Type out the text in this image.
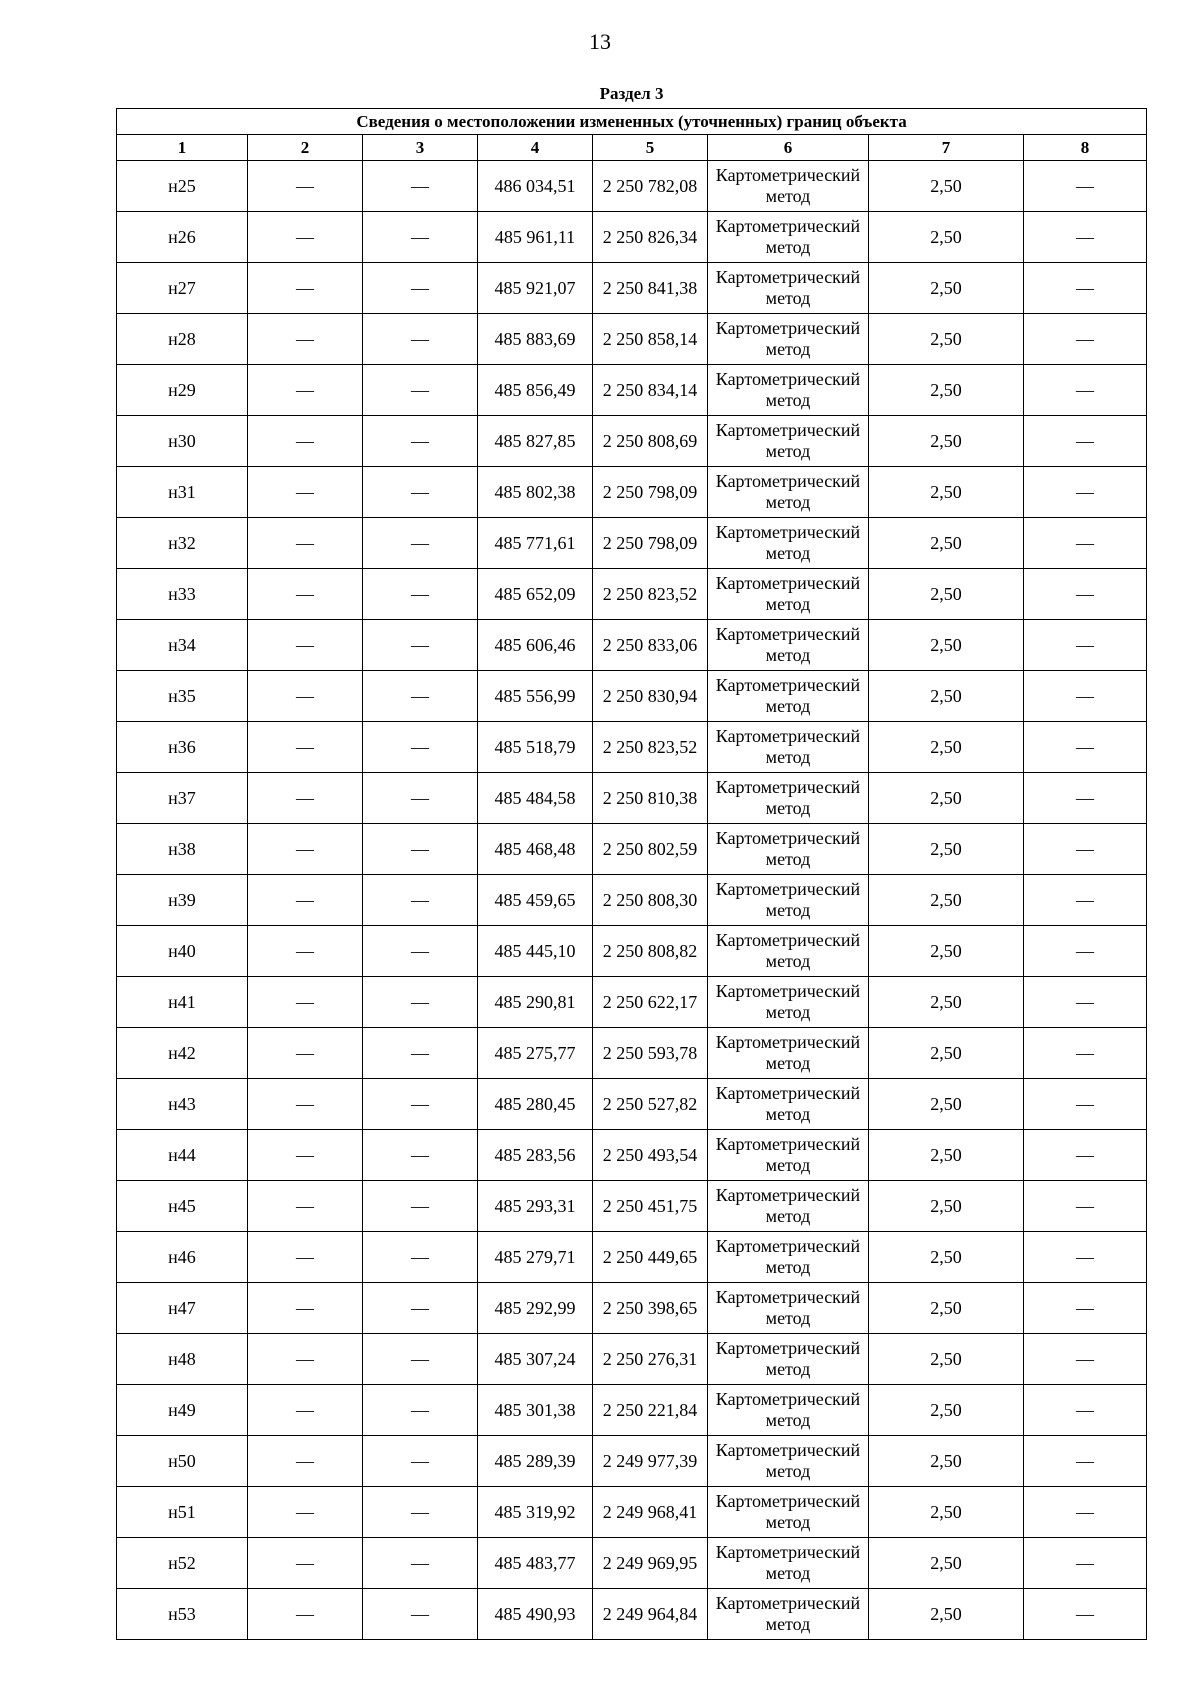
13
Раздел 3							
Сведения о местоположении измененных (уточненных) границ объекта							
1	2	3	4	5	6	7	8
н25	—	—	486 034,51	2 250 782,08	Картометрический метод	2,50	—
н26	—	—	485 961,11	2 250 826,34	Картометрический метод	2,50	—
н27	—	—	485 921,07	2 250 841,38	Картометрический метод	2,50	—
н28	—	—	485 883,69	2 250 858,14	Картометрический метод	2,50	—
н29	—	—	485 856,49	2 250 834,14	Картометрический метод	2,50	—
н30	—	—	485 827,85	2 250 808,69	Картометрический метод	2,50	—
н31	—	—	485 802,38	2 250 798,09	Картометрический метод	2,50	—
н32	—	—	485 771,61	2 250 798,09	Картометрический метод	2,50	—
н33	—	—	485 652,09	2 250 823,52	Картометрический метод	2,50	—
н34	—	—	485 606,46	2 250 833,06	Картометрический метод	2,50	—
н35	—	—	485 556,99	2 250 830,94	Картометрический метод	2,50	—
н36	—	—	485 518,79	2 250 823,52	Картометрический метод	2,50	—
н37	—	—	485 484,58	2 250 810,38	Картометрический метод	2,50	—
н38	—	—	485 468,48	2 250 802,59	Картометрический метод	2,50	—
н39	—	—	485 459,65	2 250 808,30	Картометрический метод	2,50	—
н40	—	—	485 445,10	2 250 808,82	Картометрический метод	2,50	—
н41	—	—	485 290,81	2 250 622,17	Картометрический метод	2,50	—
н42	—	—	485 275,77	2 250 593,78	Картометрический метод	2,50	—
н43	—	—	485 280,45	2 250 527,82	Картометрический метод	2,50	—
н44	—	—	485 283,56	2 250 493,54	Картометрический метод	2,50	—
н45	—	—	485 293,31	2 250 451,75	Картометрический метод	2,50	—
н46	—	—	485 279,71	2 250 449,65	Картометрический метод	2,50	—
н47	—	—	485 292,99	2 250 398,65	Картометрический метод	2,50	—
н48	—	—	485 307,24	2 250 276,31	Картометрический метод	2,50	—
н49	—	—	485 301,38	2 250 221,84	Картометрический метод	2,50	—
н50	—	—	485 289,39	2 249 977,39	Картометрический метод	2,50	—
н51	—	—	485 319,92	2 249 968,41	Картометрический метод	2,50	—
н52	—	—	485 483,77	2 249 969,95	Картометрический метод	2,50	—
н53	—	—	485 490,93	2 249 964,84	Картометрический метод	2,50	—
